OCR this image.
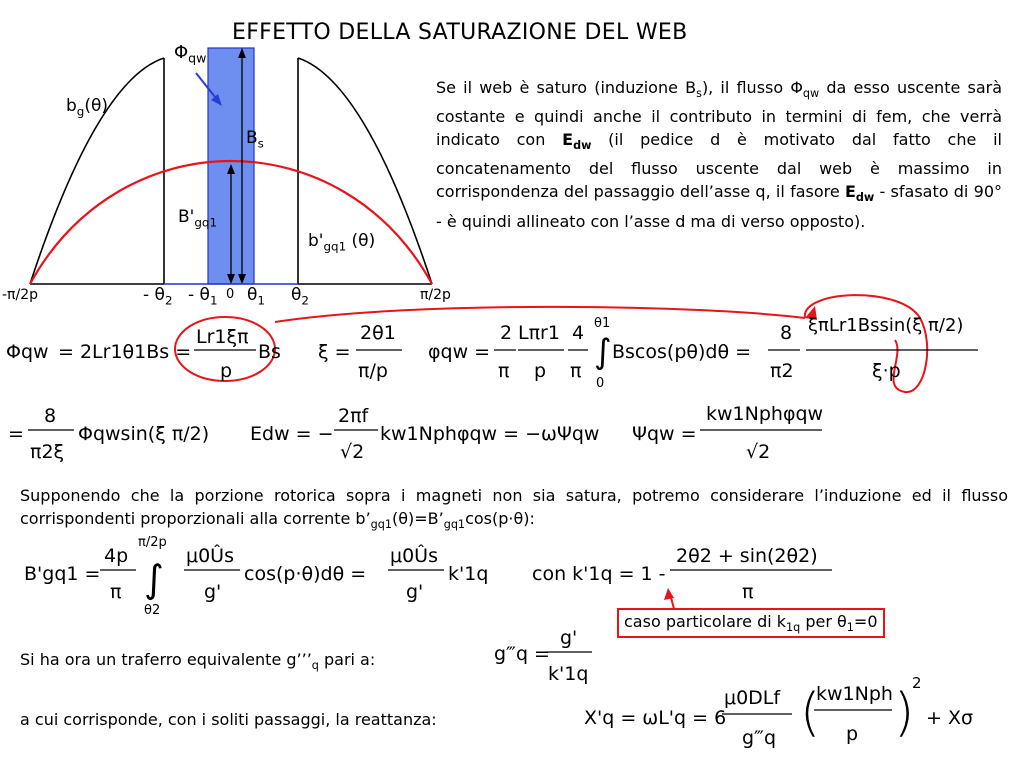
EFFETTO DELLA SATURAZIONE DEL WEB
$\Phi_{qw}$
$b_g(\theta)$
$B_s$
$B'_{gq1}$
$b'_{gq1}$ (θ)
-π/2p	π/2p
- $\theta_2 - \theta_1$ 0 $\theta_1$ $\theta_2$
Se il web è saturo (induzione $B_s$), il flusso $\Phi_{qw}$ da esso uscente sarà costante e quindi anche il contributo in termini di fem, che verrà indicato con $E_{dw}$ (il pedice d è motivato dal fatto che il concatenamento del flusso uscente dal web è massimo in corrispondenza del passaggio dell’asse q, il fasore $E_{dw}$ - sfasato di 90° - è quindi allineato con l’asse d ma di verso opposto).
Φqw = 2Lr1θ1Bs =
Lr1ξπ
p
Bs ξ =
2θ1
π/p
φqw =
2
π
Lπr1
p
4
π
θ1
∫
0
Bscos(pθ)dθ =
8
π2
ξπLr1Bssin(ξ π/2)
ξ·p
=
8
π2ξ
Φqwsin(ξ π/2) Edw = −
2πf
√2
kw1Nphφqw = −ωΨqw Ψqw =
kw1Nphφqw
√2
Supponendo che la porzione rotorica sopra i magneti non sia satura, potremo considerare l’induzione ed il flusso corrispondenti proporzionali alla corrente $b’_{gq1}(\theta)=B’_{gq1}\cos(p\cdot\theta)$:
B'gq1 =
4p
π
π/2p
∫
θ2
μ0Ûs
g'
cos(p·θ)dθ =
μ0Ûs
g'
k'1q con k'1q = 1 -
2θ2 + sin(2θ2)
π
caso particolare di $k_{1q}$ per $\theta_1=0$
Si ha ora un traferro equivalente $g’’’_q$ pari a:	g‴q =
g'
k'1q
a cui corrisponde, con i soliti passaggi, la reattanza:	X'q = ωL'q = 6
μ0DLf
g‴q (
kw1Nph
p )
2
+ Xσ
